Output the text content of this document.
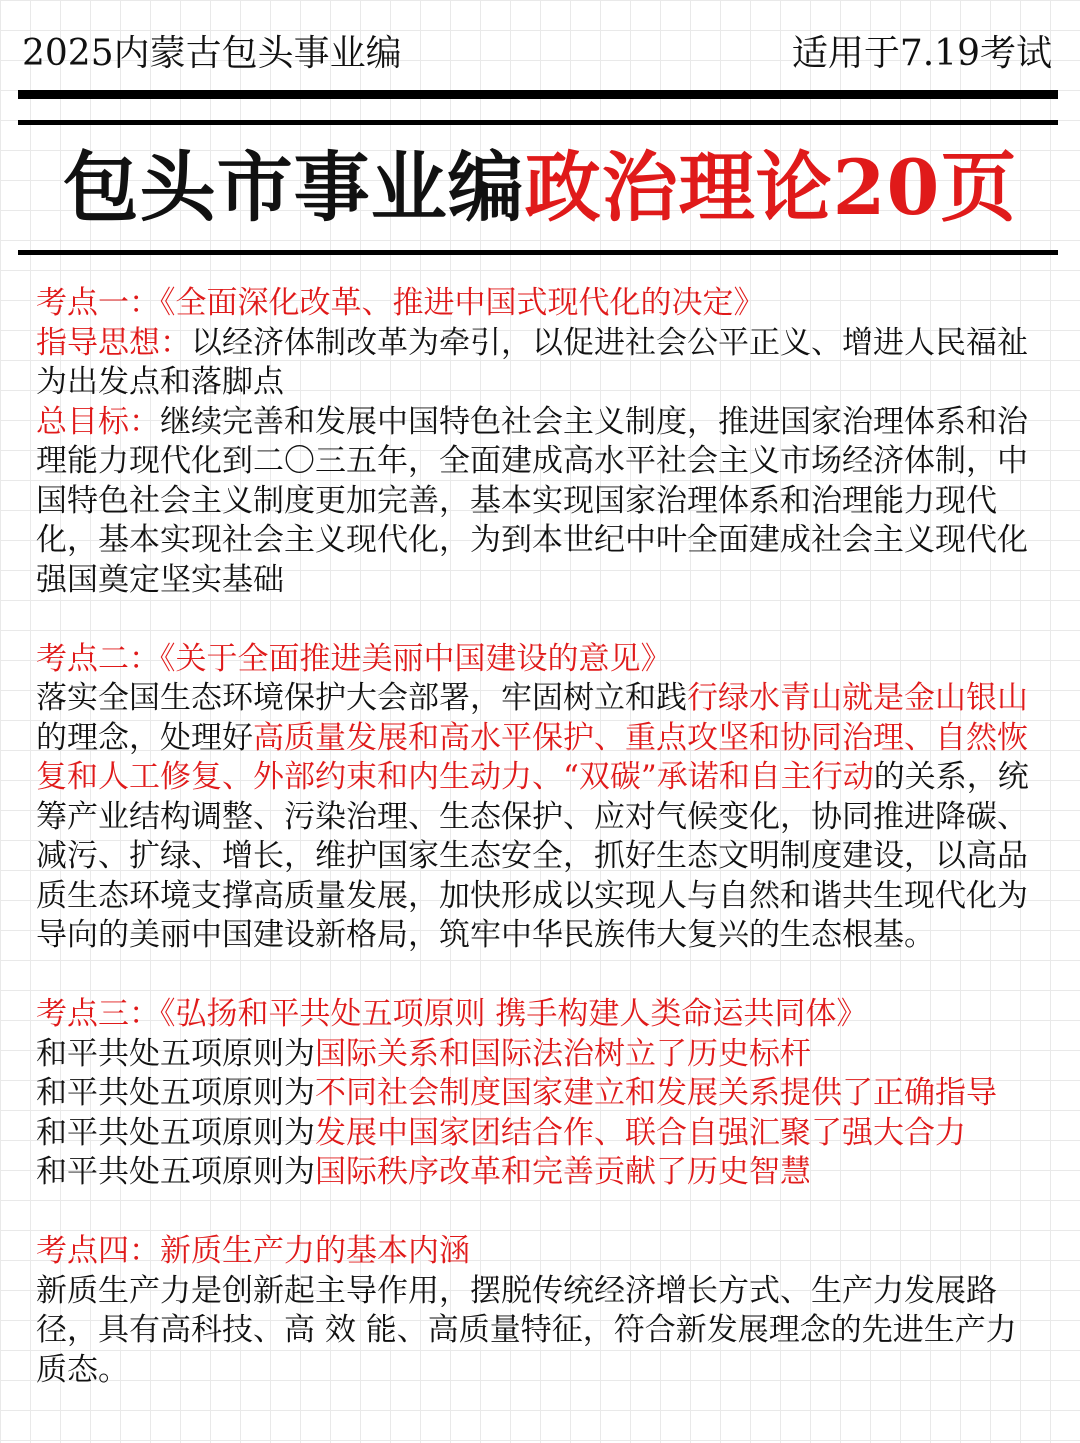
2025内蒙古包头事业编	适用于7.19考试
包头市事业编政治理论20页

考点一：《全面深化改革、推进中国式现代化的决定》

指导思想：以经济体制改革为牵引，以促进社会公平正义、增进人民福祉为出发点和落脚点

总目标：继续完善和发展中国特色社会主义制度，推进国家治理体系和治理能力现代化到二〇三五年，全面建成高水平社会主义市场经济体制，中国特色社会主义制度更加完善，基本实现国家治理体系和治理能力现代化，基本实现社会主义现代化，为到本世纪中叶全面建成社会主义现代化强国奠定坚实基础

考点二：《关于全面推进美丽中国建设的意见》

落实全国生态环境保护大会部署，牢固树立和践行绿水青山就是金山银山的理念，处理好高质量发展和高水平保护、重点攻坚和协同治理、自然恢复和人工修复、外部约束和内生动力、“双碳”承诺和自主行动的关系，统筹产业结构调整、污染治理、生态保护、应对气候变化，协同推进降碳、减污、扩绿、增长，维护国家生态安全，抓好生态文明制度建设，以高品质生态环境支撑高质量发展，加快形成以实现人与自然和谐共生现代化为导向的美丽中国建设新格局，筑牢中华民族伟大复兴的生态根基。

考点三：《弘扬和平共处五项原则 携手构建人类命运共同体》

和平共处五项原则为国际关系和国际法治树立了历史标杆

和平共处五项原则为不同社会制度国家建立和发展关系提供了正确指导

和平共处五项原则为发展中国家团结合作、联合自强汇聚了强大合力

和平共处五项原则为国际秩序改革和完善贡献了历史智慧

考点四：新质生产力的基本内涵

新质生产力是创新起主导作用，摆脱传统经济增长方式、生产力发展路径，具有高科技、高 效 能、高质量特征，符合新发展理念的先进生产力质态。
